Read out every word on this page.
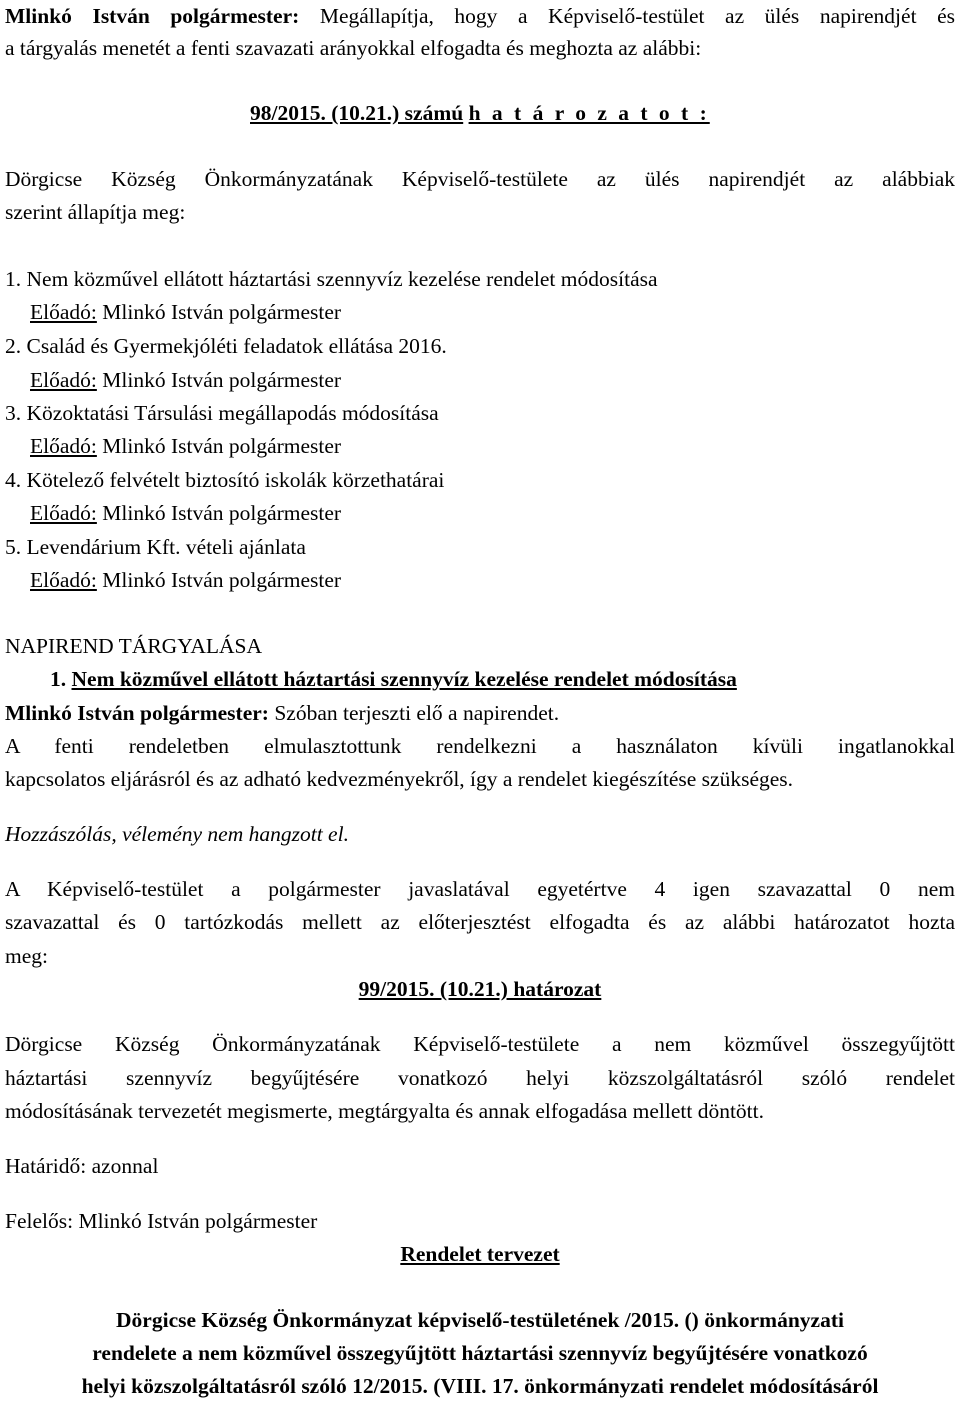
Mlinkó István polgármester: Megállapítja, hogy a Képviselő-testület az ülés napirendjét és
a tárgyalás menetét a fenti szavazati arányokkal elfogadta és meghozta az alábbi:
98/2015. (10.21.) számú h a t á r o z a t o t :
Dörgicse Község Önkormányzatának Képviselő-testülete az ülés napirendjét az alábbiak
szerint állapítja meg:
1. Nem közművel ellátott háztartási szennyvíz kezelése rendelet módosítása
Előadó: Mlinkó István polgármester
2. Család és Gyermekjóléti feladatok ellátása 2016.
Előadó: Mlinkó István polgármester
3. Közoktatási Társulási megállapodás módosítása
Előadó: Mlinkó István polgármester
4. Kötelező felvételt biztosító iskolák körzethatárai
Előadó: Mlinkó István polgármester
5. Levendárium Kft. vételi ajánlata
Előadó: Mlinkó István polgármester
NAPIREND TÁRGYALÁSA
1. Nem közművel ellátott háztartási szennyvíz kezelése rendelet módosítása
Mlinkó István polgármester: Szóban terjeszti elő a napirendet.
A fenti rendeletben elmulasztottunk rendelkezni a használaton kívüli ingatlanokkal
kapcsolatos eljárásról és az adható kedvezményekről, így a rendelet kiegészítése szükséges.
Hozzászólás, vélemény nem hangzott el.
A Képviselő-testület a polgármester javaslatával egyetértve 4 igen szavazattal 0 nem
szavazattal és 0 tartózkodás mellett az előterjesztést elfogadta és az alábbi határozatot hozta
meg:
99/2015. (10.21.) határozat
Dörgicse Község Önkormányzatának Képviselő-testülete a nem közművel összegyűjtött
háztartási szennyvíz begyűjtésére vonatkozó helyi közszolgáltatásról szóló rendelet
módosításának tervezetét megismerte, megtárgyalta és annak elfogadása mellett döntött.
Határidő: azonnal
Felelős: Mlinkó István polgármester
Rendelet tervezet
Dörgicse Község Önkormányzat képviselő-testületének /2015. () önkormányzati
rendelete a nem közművel összegyűjtött háztartási szennyvíz begyűjtésére vonatkozó
helyi közszolgáltatásról szóló 12/2015. (VIII. 17. önkormányzati rendelet módosításáról
